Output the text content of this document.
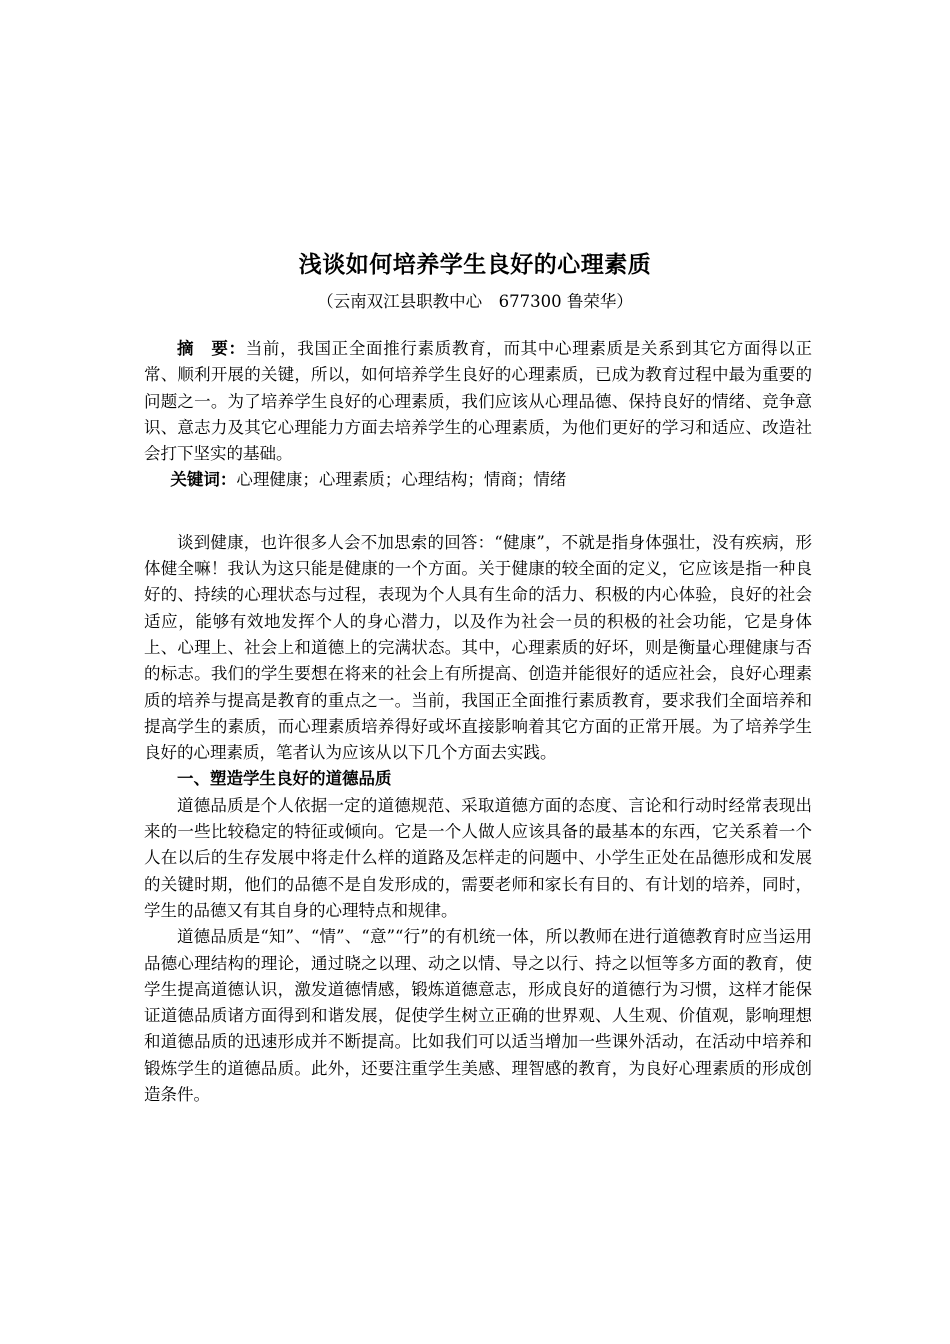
浅谈如何培养学生良好的心理素质

（云南双江县职教中心　677300 鲁荣华）

摘　要：当前，我国正全面推行素质教育，而其中心理素质是关系到其它方面得以正常、顺利开展的关键，所以，如何培养学生良好的心理素质，已成为教育过程中最为重要的问题之一。为了培养学生良好的心理素质，我们应该从心理品德、保持良好的情绪、竞争意识、意志力及其它心理能力方面去培养学生的心理素质，为他们更好的学习和适应、改造社会打下坚实的基础。

关键词：心理健康；心理素质；心理结构；情商；情绪

谈到健康，也许很多人会不加思索的回答：“健康”，不就是指身体强壮，没有疾病，形体健全嘛！我认为这只能是健康的一个方面。关于健康的较全面的定义，它应该是指一种良好的、持续的心理状态与过程，表现为个人具有生命的活力、积极的内心体验，良好的社会适应，能够有效地发挥个人的身心潜力，以及作为社会一员的积极的社会功能，它是身体上、心理上、社会上和道德上的完满状态。其中，心理素质的好坏，则是衡量心理健康与否的标志。我们的学生要想在将来的社会上有所提高、创造并能很好的适应社会，良好心理素质的培养与提高是教育的重点之一。当前，我国正全面推行素质教育，要求我们全面培养和提高学生的素质，而心理素质培养得好或坏直接影响着其它方面的正常开展。为了培养学生良好的心理素质，笔者认为应该从以下几个方面去实践。

一、塑造学生良好的道德品质

道德品质是个人依据一定的道德规范、采取道德方面的态度、言论和行动时经常表现出来的一些比较稳定的特征或倾向。它是一个人做人应该具备的最基本的东西，它关系着一个人在以后的生存发展中将走什么样的道路及怎样走的问题中、小学生正处在品德形成和发展的关键时期，他们的品德不是自发形成的，需要老师和家长有目的、有计划的培养，同时，学生的品德又有其自身的心理特点和规律。

道德品质是“知”、“情”、“意”“行”的有机统一体，所以教师在进行道德教育时应当运用品德心理结构的理论，通过晓之以理、动之以情、导之以行、持之以恒等多方面的教育，使学生提高道德认识，激发道德情感，锻炼道德意志，形成良好的道德行为习惯，这样才能保证道德品质诸方面得到和谐发展，促使学生树立正确的世界观、人生观、价值观，影响理想和道德品质的迅速形成并不断提高。比如我们可以适当增加一些课外活动，在活动中培养和锻炼学生的道德品质。此外，还要注重学生美感、理智感的教育，为良好心理素质的形成创造条件。
